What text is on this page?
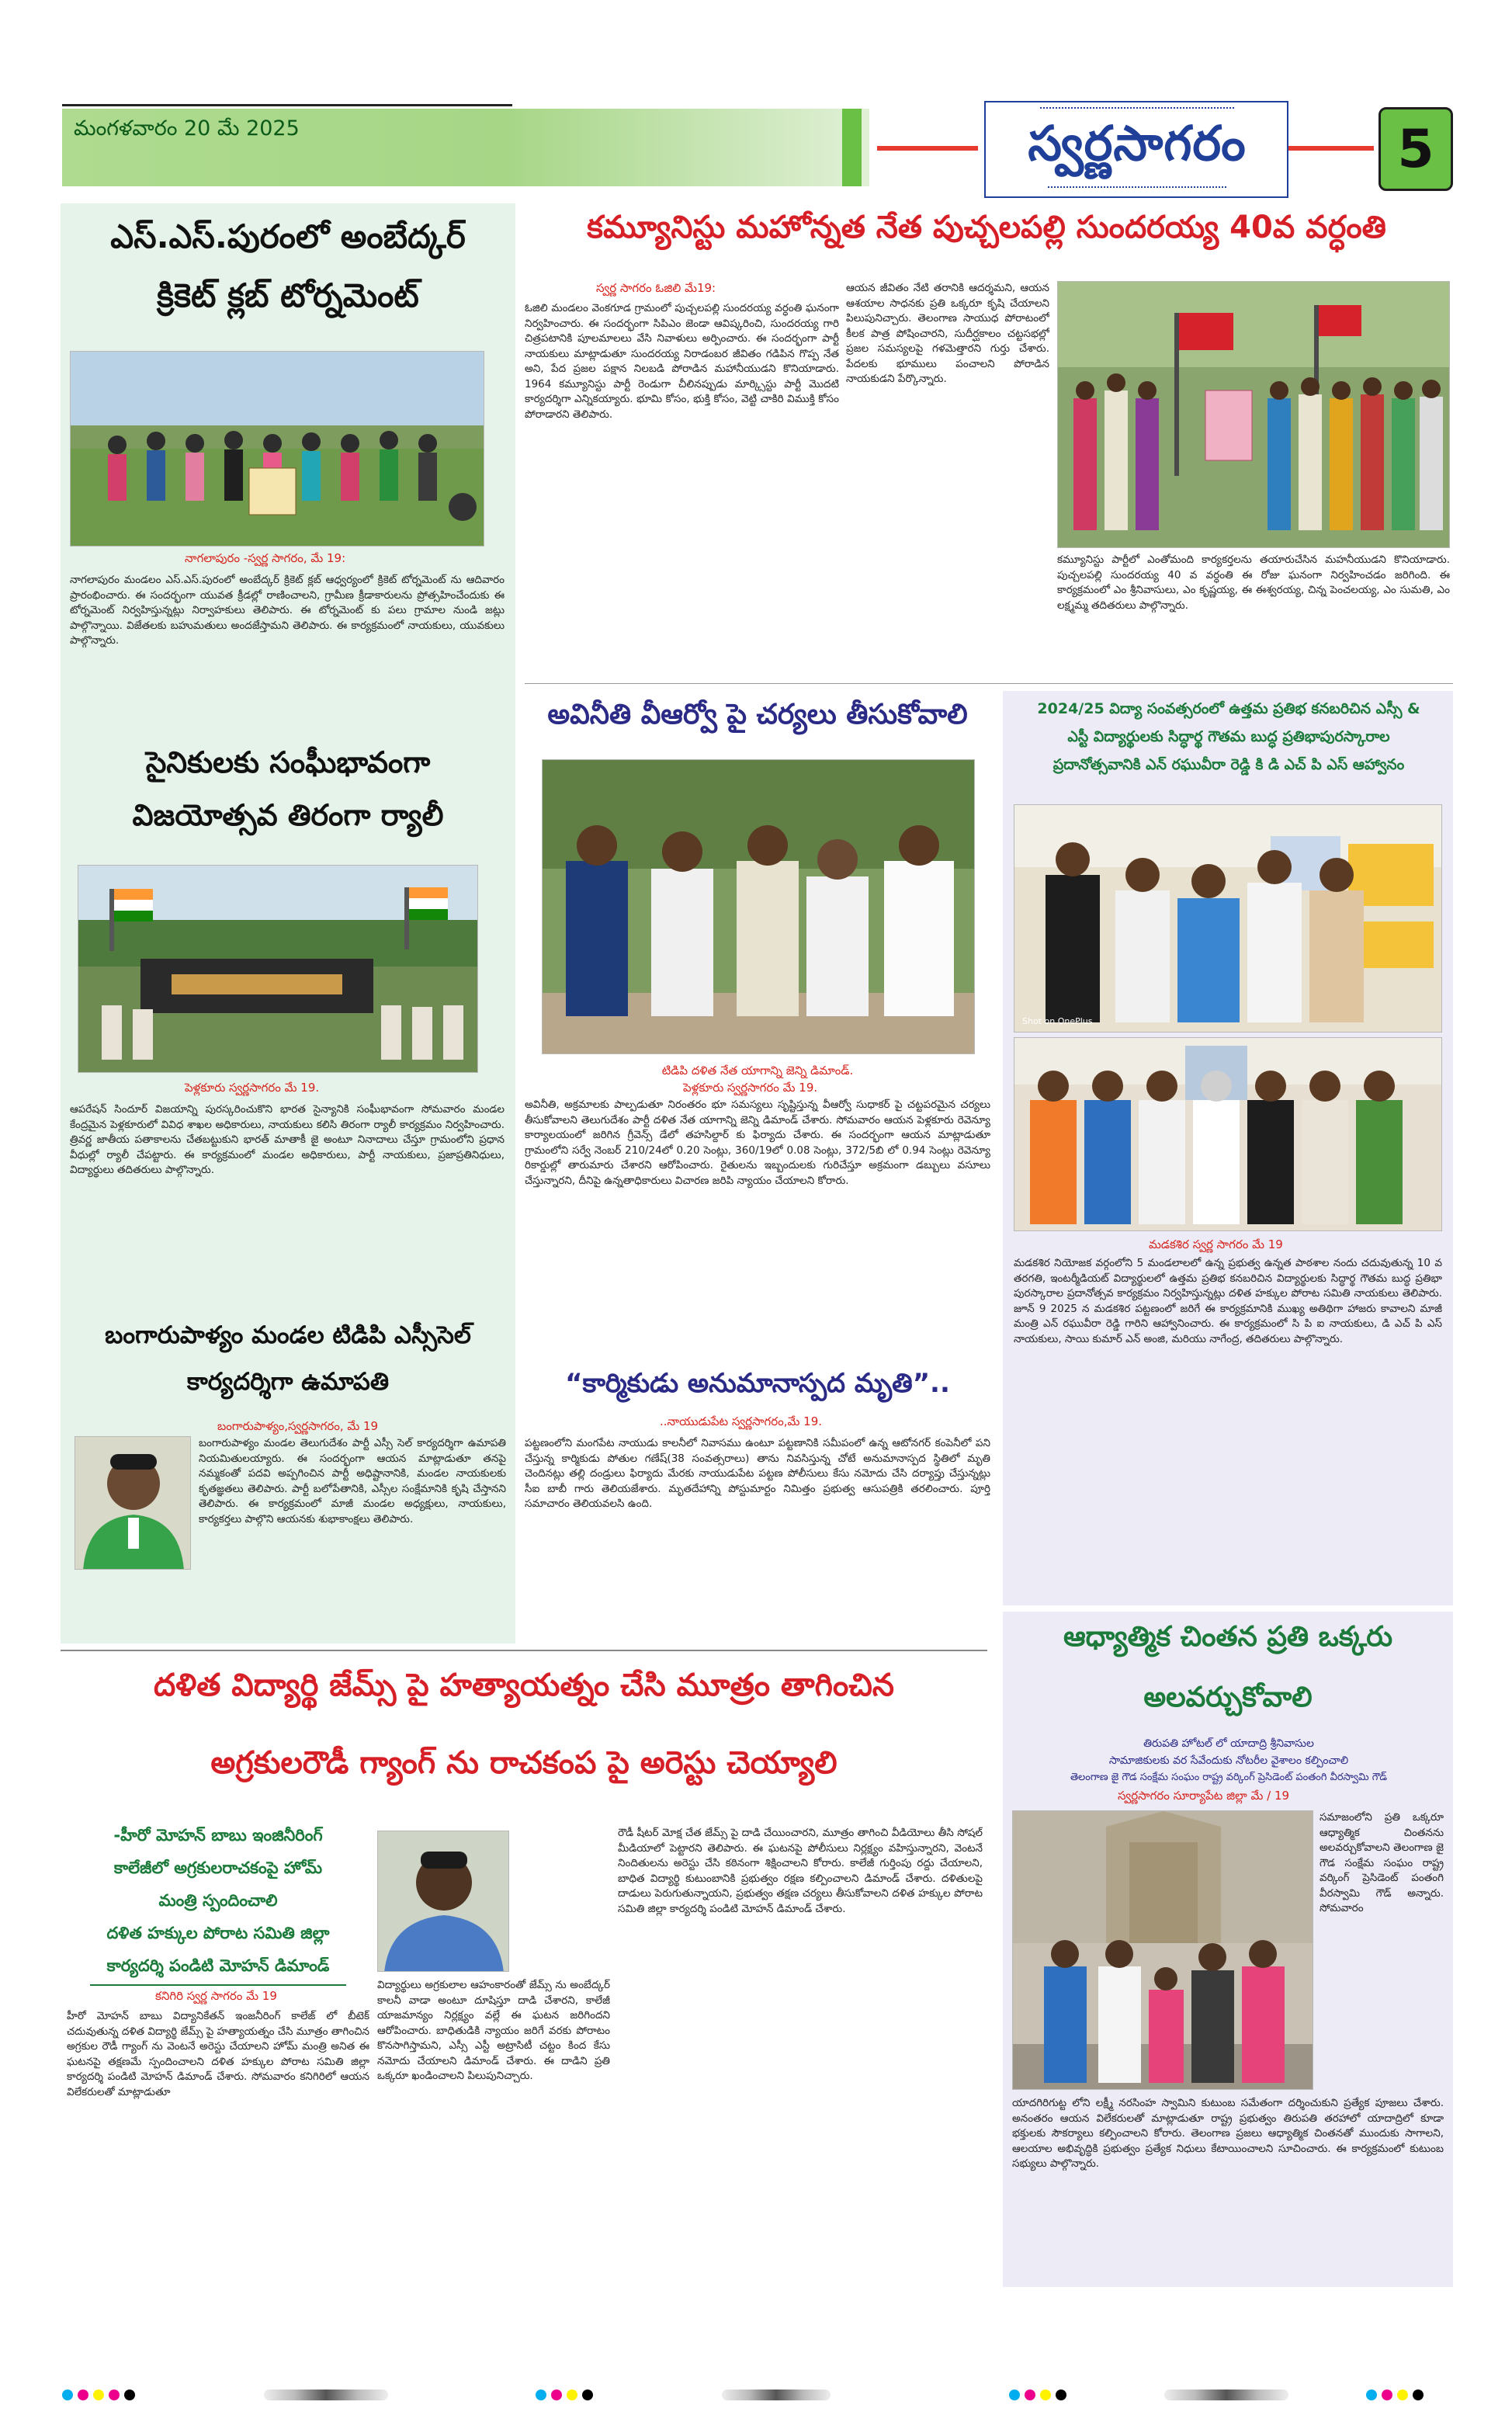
మంగళవారం 20 మే 2025	స్వర్ణసాగరం	5
ఎస్.ఎస్.పురంలో అంబేద్కర్
క్రికెట్ క్లబ్ టోర్నమెంట్
నాగలాపురం -స్వర్ణ సాగరం, మే 19:
నాగలాపురం మండలం ఎస్.ఎస్.పురంలో అంబేద్కర్ క్రికెట్ క్లబ్ ఆధ్వర్యంలో క్రికెట్ టోర్నమెంట్ ను ఆదివారం ప్రారంభించారు. ఈ సందర్భంగా యువత క్రీడల్లో రాణించాలని, గ్రామీణ క్రీడాకారులను ప్రోత్సహించేందుకు ఈ టోర్నమెంట్ నిర్వహిస్తున్నట్లు నిర్వాహకులు తెలిపారు. ఈ టోర్నమెంట్ కు పలు గ్రామాల నుండి జట్లు పాల్గొన్నాయి. విజేతలకు బహుమతులు అందజేస్తామని తెలిపారు. ఈ కార్యక్రమంలో నాయకులు, యువకులు పాల్గొన్నారు.
సైనికులకు సంఘీభావంగా
విజయోత్సవ తిరంగా ర్యాలీ
పెళ్లకూరు స్వర్ణసాగరం మే 19.
ఆపరేషన్ సిందూర్ విజయాన్ని పురస్కరించుకొని భారత సైన్యానికి సంఘీభావంగా సోమవారం మండల కేంద్రమైన పెళ్లకూరులో వివిధ శాఖల అధికారులు, నాయకులు కలిసి తిరంగా ర్యాలీ కార్యక్రమం నిర్వహించారు. త్రివర్ణ జాతీయ పతాకాలను చేతబట్టుకుని భారత్ మాతాకీ జై అంటూ నినాదాలు చేస్తూ గ్రామంలోని ప్రధాన వీధుల్లో ర్యాలీ చేపట్టారు. ఈ కార్యక్రమంలో మండల అధికారులు, పార్టీ నాయకులు, ప్రజాప్రతినిధులు, విద్యార్థులు తదితరులు పాల్గొన్నారు.
బంగారుపాళ్యం మండల టిడిపి ఎస్సీసెల్
కార్యదర్శిగా ఉమాపతి
బంగారుపాళ్యం,స్వర్ణసాగరం, మే 19
బంగారుపాళ్యం మండల తెలుగుదేశం పార్టీ ఎస్సీ సెల్ కార్యదర్శిగా ఉమాపతి నియమితులయ్యారు. ఈ సందర్భంగా ఆయన మాట్లాడుతూ తనపై నమ్మకంతో పదవి అప్పగించిన పార్టీ అధిష్టానానికి, మండల నాయకులకు కృతజ్ఞతలు తెలిపారు. పార్టీ బలోపేతానికి, ఎస్సీల సంక్షేమానికి కృషి చేస్తానని తెలిపారు. ఈ కార్యక్రమంలో మాజీ మండల అధ్యక్షులు, నాయకులు, కార్యకర్తలు పాల్గొని ఆయనకు శుభాకాంక్షలు తెలిపారు.
కమ్యూనిస్టు మహోన్నత నేత పుచ్చలపల్లి సుందరయ్య 40వ వర్ధంతి
స్వర్ణ సాగరం ఓజిలి మే19:
ఓజిలి మండలం వెంకగూడ గ్రామంలో పుచ్చలపల్లి సుందరయ్య వర్ధంతి ఘనంగా నిర్వహించారు. ఈ సందర్భంగా సిపిఎం జెండా ఆవిష్కరించి, సుందరయ్య గారి చిత్రపటానికి పూలమాలలు వేసి నివాళులు అర్పించారు. ఈ సందర్భంగా పార్టీ నాయకులు మాట్లాడుతూ సుందరయ్య నిరాడంబర జీవితం గడిపిన గొప్ప నేత అని, పేద ప్రజల పక్షాన నిలబడి పోరాడిన మహానీయుడని కొనియాడారు. 1964 కమ్యూనిస్టు పార్టీ రెండుగా చీలినప్పుడు మార్క్సిస్టు పార్టీ మొదటి కార్యదర్శిగా ఎన్నికయ్యారు. భూమి కోసం, భుక్తి కోసం, వెట్టి చాకిరి విముక్తి కోసం పోరాడారని తెలిపారు.
ఆయన జీవితం నేటి తరానికి ఆదర్శమని, ఆయన ఆశయాల సాధనకు ప్రతి ఒక్కరూ కృషి చేయాలని పిలుపునిచ్చారు. తెలంగాణ సాయుధ పోరాటంలో కీలక పాత్ర పోషించారని, సుదీర్ఘకాలం చట్టసభల్లో ప్రజల సమస్యలపై గళమెత్తారని గుర్తు చేశారు. పేదలకు భూములు పంచాలని పోరాడిన నాయకుడని పేర్కొన్నారు.
కమ్యూనిస్టు పార్టీలో ఎంతోమంది కార్యకర్తలను తయారుచేసిన మహనీయుడని కొనియాడారు. పుచ్చలపల్లి సుందరయ్య 40 వ వర్ధంతి ఈ రోజు ఘనంగా నిర్వహించడం జరిగింది. ఈ కార్యక్రమంలో ఎం శ్రీనివాసులు, ఎం కృష్ణయ్య, ఈ ఈశ్వరయ్య, చిన్న పెంచలయ్య, ఎం సుమతి, ఎం లక్ష్మమ్మ తదితరులు పాల్గొన్నారు.
అవినీతి వీఆర్వో పై చర్యలు తీసుకోవాలి
టిడిపి దళిత నేత యాగాన్ని జెన్ని డిమాండ్.
పెళ్లకూరు స్వర్ణసాగరం మే 19.
అవినీతి, అక్రమాలకు పాల్పడుతూ నిరంతరం భూ సమస్యలు సృష్టిస్తున్న వీఆర్వో సుధాకర్ పై చట్టపరమైన చర్యలు తీసుకోవాలని తెలుగుదేశం పార్టీ దళిత నేత యాగాన్ని జెన్ని డిమాండ్ చేశారు. సోమవారం ఆయన పెళ్లకూరు రెవెన్యూ కార్యాలయంలో జరిగిన గ్రీవెన్స్ డేలో తహసిల్దార్ కు ఫిర్యాదు చేశారు. ఈ సందర్భంగా ఆయన మాట్లాడుతూ గ్రామంలోని సర్వే నెంబర్ 210/24లో 0.20 సెంట్లు, 360/19లో 0.08 సెంట్లు, 372/5బి లో 0.94 సెంట్లు రెవెన్యూ రికార్డుల్లో తారుమారు చేశారని ఆరోపించారు. రైతులను ఇబ్బందులకు గురిచేస్తూ అక్రమంగా డబ్బులు వసూలు చేస్తున్నారని, దీనిపై ఉన్నతాధికారులు విచారణ జరిపి న్యాయం చేయాలని కోరారు.
“కార్మికుడు అనుమానాస్పద మృతి”..
..నాయుడుపేట స్వర్ణసాగరం,మే 19.
పట్టణంలోని మంగపేట నాయుడు కాలనీలో నివాసము ఉంటూ పట్టణానికి సమీపంలో ఉన్న ఆటోనగర్ కంపెనీలో పని చేస్తున్న కార్మికుడు పోతుల గణేష్(38 సంవత్సరాలు) తాను నివసిస్తున్న చోటే అనుమానాస్పద స్థితిలో మృతి చెందినట్లు తల్లి దండ్రులు ఫిర్యాదు మేరకు నాయుడుపేట పట్టణ పోలీసులు కేసు నమోదు చేసి దర్యాప్తు చేస్తున్నట్లు సీఐ బాబీ గారు తెలియజేశారు. మృతదేహాన్ని పోస్టుమార్టం నిమిత్తం ప్రభుత్వ ఆసుపత్రికి తరలించారు. పూర్తి సమాచారం తెలియవలసి ఉంది.
2024/25 విద్యా సంవత్సరంలో ఉత్తమ ప్రతిభ కనబరిచిన ఎస్సీ &
ఎస్టీ విద్యార్థులకు సిద్ధార్థ గౌతమ బుద్ధ ప్రతిభాపురస్కారాల
ప్రదానోత్సవానికి ఎన్ రఘువీరా రెడ్డి కి డి ఎచ్ పి ఎస్ ఆహ్వానం
Shot on OnePlus
మడకశిర స్వర్ణ సాగరం మే 19
మడకశిర నియోజక వర్గంలోని 5 మండలాలలో ఉన్న ప్రభుత్వ ఉన్నత పాఠశాల నందు చదువుతున్న 10 వ తరగతి, ఇంటర్మీడియట్ విద్యార్థులలో ఉత్తమ ప్రతిభ కనబరిచిన విద్యార్థులకు సిద్ధార్థ గౌతమ బుద్ధ ప్రతిభా పురస్కారాల ప్రదానోత్సవ కార్యక్రమం నిర్వహిస్తున్నట్లు దళిత హక్కుల పోరాట సమితి నాయకులు తెలిపారు. జూన్ 9 2025 న మడకశిర పట్టణంలో జరిగే ఈ కార్యక్రమానికి ముఖ్య అతిథిగా హాజరు కావాలని మాజీ మంత్రి ఎన్ రఘువీరా రెడ్డి గారిని ఆహ్వానించారు. ఈ కార్యక్రమంలో సి పి ఐ నాయకులు, డి ఎచ్ పి ఎస్ నాయకులు, సాయి కుమార్ ఎన్ అంజి, మరియు నాగేంద్ర, తదితరులు పాల్గొన్నారు.
దళిత విద్యార్థి జేమ్స్ పై హత్యాయత్నం చేసి మూత్రం తాగించిన
అగ్రకులరౌడీ గ్యాంగ్ ను రాచకంప పై అరెస్టు చెయ్యాలి
-హీరో మోహన్ బాబు ఇంజినీరింగ్
కాలేజీలో అగ్రకులరాచకంపై హోమ్
మంత్రి స్పందించాలి
దళిత హక్కుల పోరాట సమితి జిల్లా
కార్యదర్శి పండిటి మోహన్ డిమాండ్
కనిగిరి స్వర్ణ సాగరం మే 19
హీరో మోహన్ బాబు విద్యానికేతన్ ఇంజనీరింగ్ కాలేజ్ లో బీటెక్ చదువుతున్న దళిత విద్యార్థి జేమ్స్ పై హత్యాయత్నం చేసి మూత్రం తాగించిన అగ్రకుల రౌడీ గ్యాంగ్ ను వెంటనే అరెస్టు చేయాలని హోమ్ మంత్రి అనిత ఈ ఘటనపై తక్షణమే స్పందించాలని దళిత హక్కుల పోరాట సమితి జిల్లా కార్యదర్శి పండిటి మోహన్ డిమాండ్ చేశారు. సోమవారం కనిగిరిలో ఆయన విలేకరులతో మాట్లాడుతూ
విద్యార్థులు అగ్రకులాల ఆహంకారంతో జేమ్స్ ను అంబేద్కర్ కాలనీ వాడా అంటూ దూషిస్తూ దాడి చేశారని, కాలేజీ యాజమాన్యం నిర్లక్ష్యం వల్లే ఈ ఘటన జరిగిందని ఆరోపించారు. బాధితుడికి న్యాయం జరిగే వరకు పోరాటం కొనసాగిస్తామని, ఎస్సీ ఎస్టీ అట్రాసిటీ చట్టం కింద కేసు నమోదు చేయాలని డిమాండ్ చేశారు. ఈ దాడిని ప్రతి ఒక్కరూ ఖండించాలని పిలుపునిచ్చారు.
రౌడీ షీటర్ మోక్ష చేత జేమ్స్ పై దాడి చేయించారని, మూత్రం తాగించి వీడియోలు తీసి సోషల్ మీడియాలో పెట్టారని తెలిపారు. ఈ ఘటనపై పోలీసులు నిర్లక్ష్యం వహిస్తున్నారని, వెంటనే నిందితులను అరెస్టు చేసి కఠినంగా శిక్షించాలని కోరారు. కాలేజీ గుర్తింపు రద్దు చేయాలని, బాధిత విద్యార్థి కుటుంబానికి ప్రభుత్వం రక్షణ కల్పించాలని డిమాండ్ చేశారు. దళితులపై దాడులు పెరుగుతున్నాయని, ప్రభుత్వం తక్షణ చర్యలు తీసుకోవాలని దళిత హక్కుల పోరాట సమితి జిల్లా కార్యదర్శి పండిటి మోహన్ డిమాండ్ చేశారు.
ఆధ్యాత్మిక చింతన ప్రతి ఒక్కరు
అలవర్చుకోవాలి
తిరుపతి హోటల్ లో యాదాద్రి శ్రీనివాసుల
సామాజికులకు వర సేవేందుకు నోటరీల వైశాలం కల్పించాలి
తెలంగాణ జై గౌడ సంక్షేమ సంఘం రాష్ట్ర వర్కింగ్ ప్రెసిడెంట్ పంతంగి వీరస్వామి గౌడ్
స్వర్ణసాగరం సూర్యాపేట జిల్లా మే / 19
సమాజంలోని ప్రతి ఒక్కరూ ఆధ్యాత్మిక చింతనను అలవర్చుకోవాలని తెలంగాణ జై గౌడ సంక్షేమ సంఘం రాష్ట్ర వర్కింగ్ ప్రెసిడెంట్ పంతంగి వీరస్వామి గౌడ్ అన్నారు. సోమవారం
యాదగిరిగుట్ట లోని లక్ష్మీ నరసింహ స్వామిని కుటుంబ సమేతంగా దర్శించుకుని ప్రత్యేక పూజలు చేశారు. అనంతరం ఆయన విలేకరులతో మాట్లాడుతూ రాష్ట్ర ప్రభుత్వం తిరుపతి తరహాలో యాదాద్రిలో కూడా భక్తులకు సౌకర్యాలు కల్పించాలని కోరారు. తెలంగాణ ప్రజలు ఆధ్యాత్మిక చింతనతో ముందుకు సాగాలని, ఆలయాల అభివృద్ధికి ప్రభుత్వం ప్రత్యేక నిధులు కేటాయించాలని సూచించారు. ఈ కార్యక్రమంలో కుటుంబ సభ్యులు పాల్గొన్నారు.
